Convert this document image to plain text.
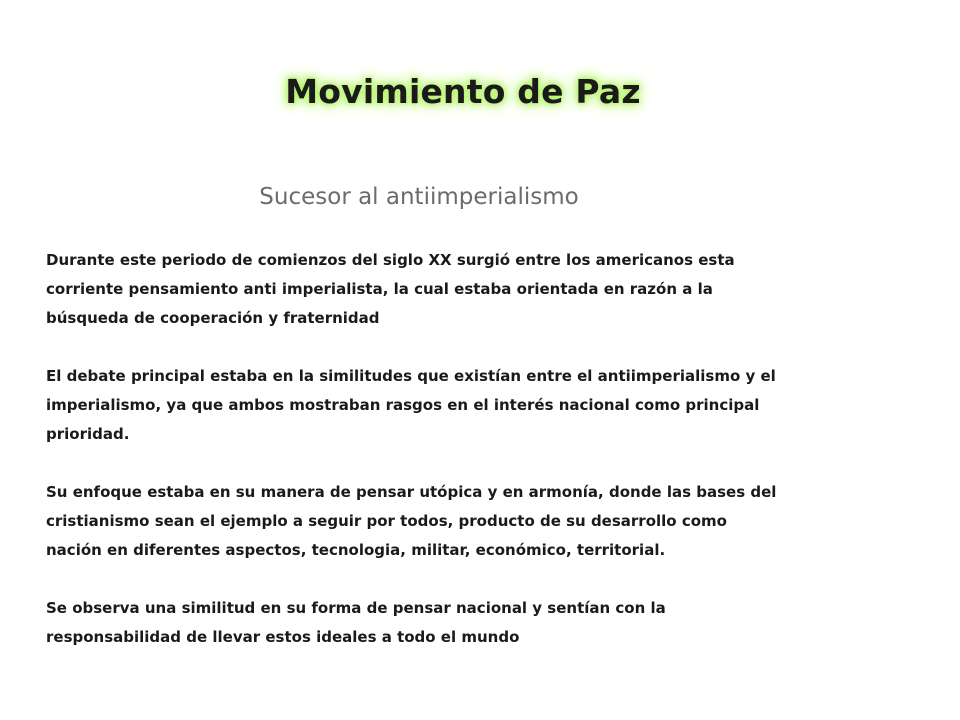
Movimiento de Paz
Sucesor al antiimperialismo

Durante este periodo de comienzos del siglo XX surgió entre los americanos esta corriente pensamiento anti imperialista, la cual estaba orientada en razón a la búsqueda de cooperación y fraternidad

El debate principal estaba en la similitudes que existían entre el antiimperialismo y el imperialismo, ya que ambos mostraban rasgos en el interés nacional como principal prioridad.

Su enfoque estaba en su manera de pensar utópica y en armonía, donde las bases del cristianismo sean el ejemplo a seguir por todos, producto de su desarrollo como nación en diferentes aspectos, tecnologia, militar, económico, territorial.

Se observa una similitud en su forma de pensar nacional y sentían con la responsabilidad de llevar estos ideales a todo el mundo
